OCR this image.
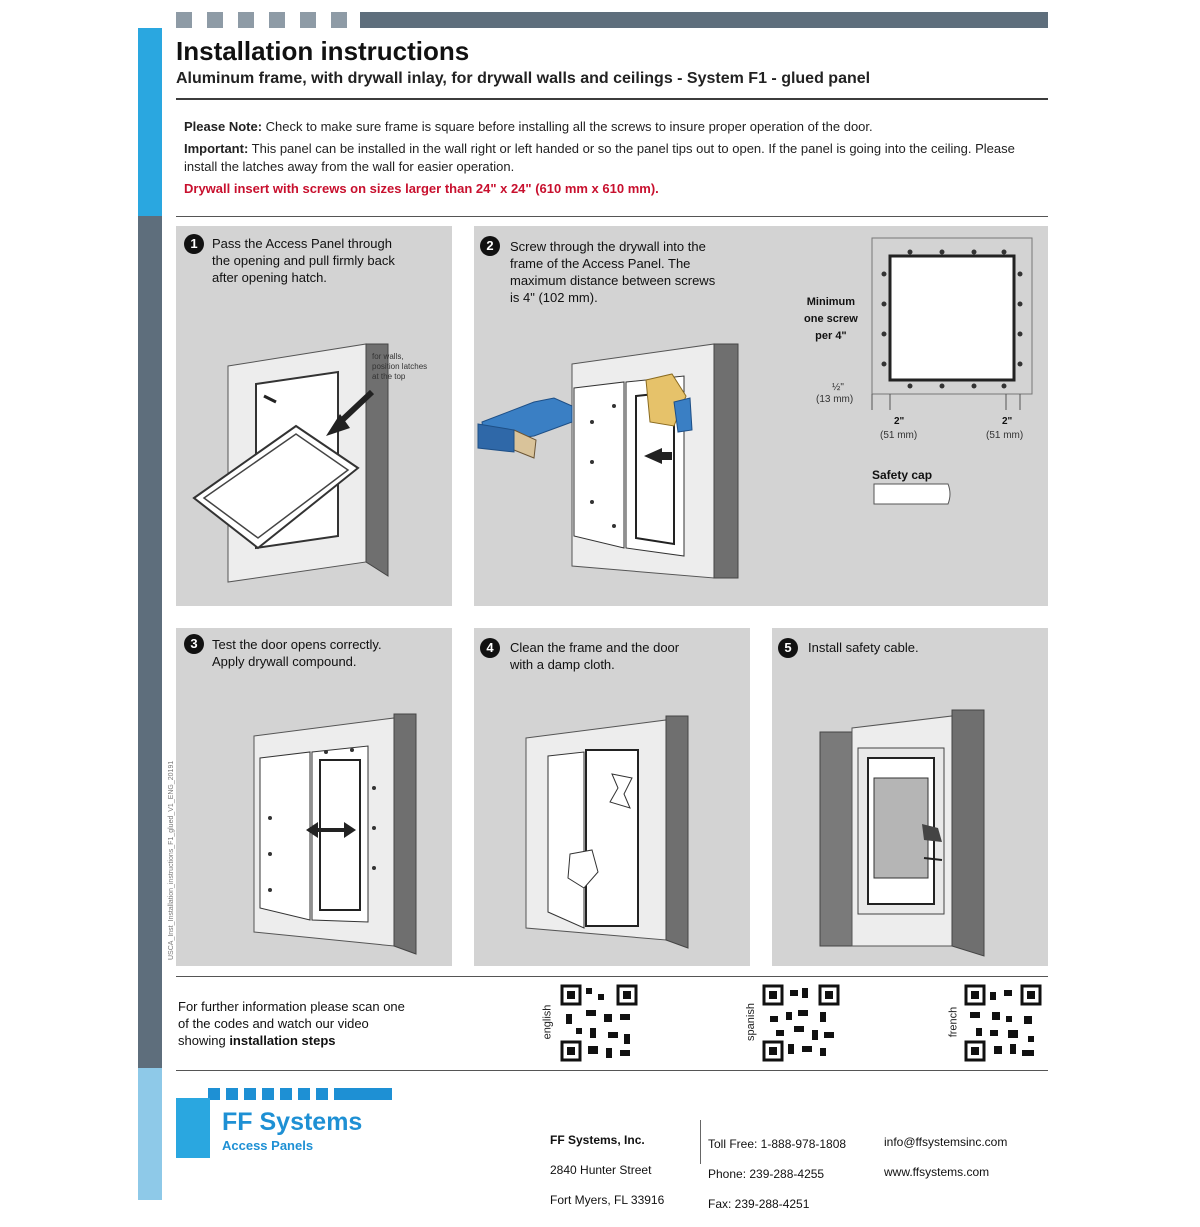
Installation instructions
Aluminum frame, with drywall inlay, for drywall walls and ceilings - System F1 - glued panel

Please Note: Check to make sure frame is square before installing all the screws to insure proper operation of the door.

Important: This panel can be installed in the wall right or left handed or so the panel tips out to open. If the panel is going into the ceiling. Please install the latches away from the wall for easier operation.

Drywall insert with screws on sizes larger than 24" x 24" (610 mm x 610 mm).

USCA_Inst_Installation_instructions_F1_glued_V1_ENG_20191
1	Pass the Access Panel through
the opening and pull firmly back
after opening hatch.
for walls,
position latches
at the top
2	Screw through the drywall into the
frame of the Access Panel. The
maximum distance between screws
is 4" (102 mm).	Minimum
one screw
per 4"
½"
(13 mm)
2"
(51 mm)
2"
(51 mm)
Safety cap
3	Test the door opens correctly.
Apply drywall compound.
4	Clean the frame and the door
with a damp cloth.
5	Install safety cable.
For further information please scan one
of the codes and watch our video
showing installation steps
english	spanish	french
FF Systems
Access Panels	FF Systems, Inc.

2840 Hunter Street

Fort Myers, FL 33916

Toll Free: 1-888-978-1808

Phone: 239-288-4255

Fax: 239-288-4251

info@ffsystemsinc.com

www.ffsystems.com
